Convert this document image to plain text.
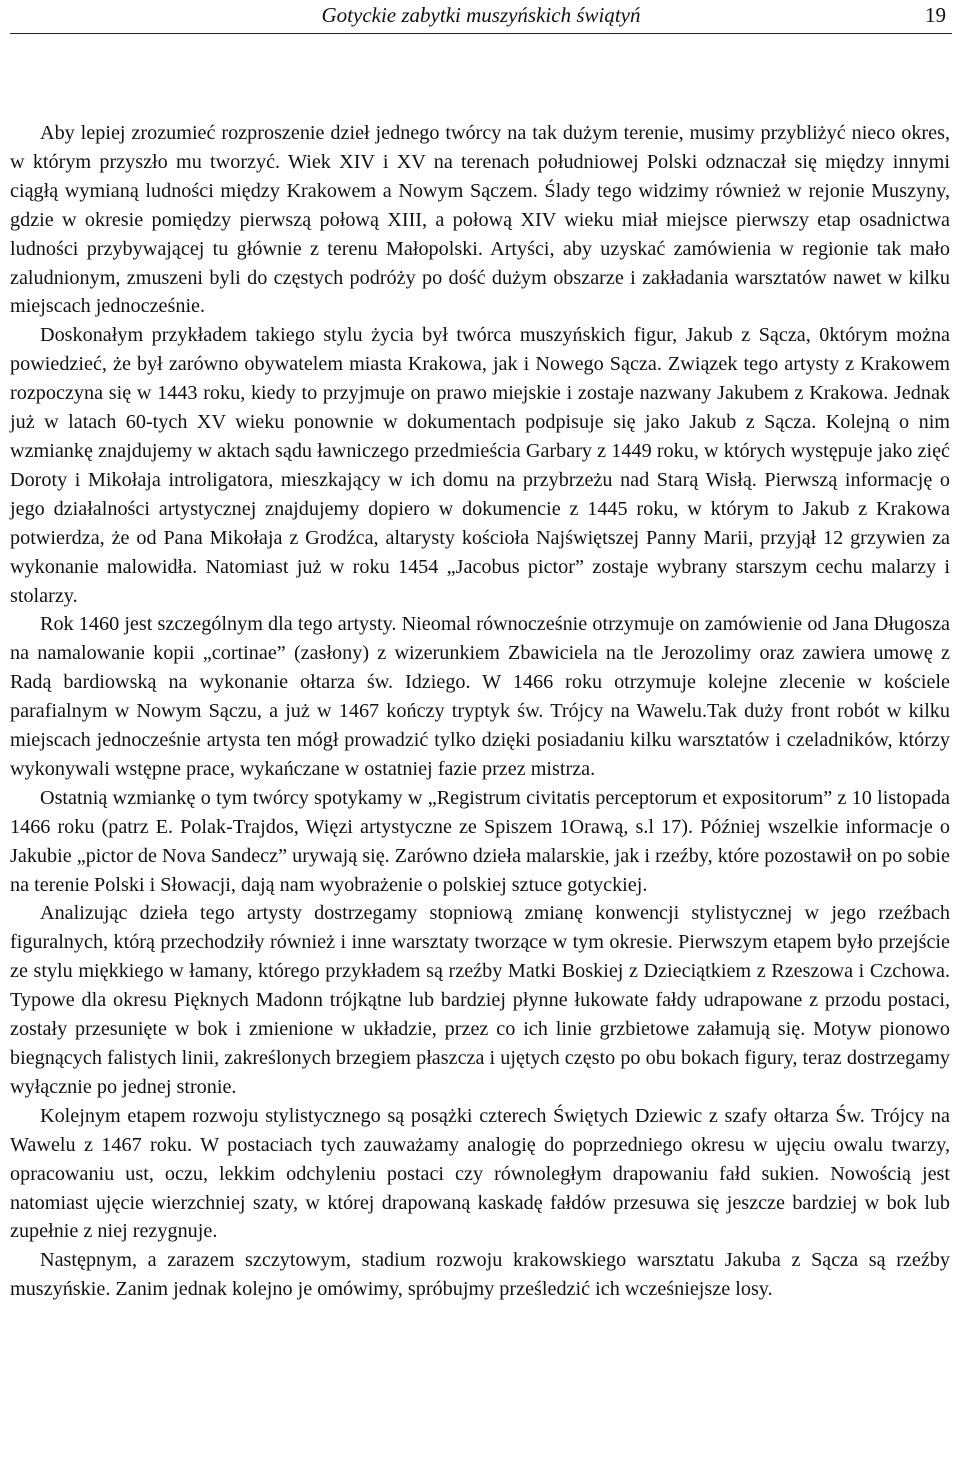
Gotyckie zabytki muszyńskich świątyń	19

Aby lepiej zrozumieć rozproszenie dzieł jednego twórcy na tak dużym terenie, musimy przybliżyć nieco okres, w którym przyszło mu tworzyć. Wiek XIV i XV na terenach południowej Polski odznaczał się między innymi ciągłą wymianą ludności między Krakowem a Nowym Sączem. Ślady tego widzimy również w rejonie Muszyny, gdzie w okresie pomiędzy pierwszą połową XIII, a połową XIV wieku miał miejsce pierwszy etap osadnictwa ludności przybywającej tu głównie z terenu Małopolski. Artyści, aby uzyskać zamówienia w regionie tak mało zaludnionym, zmuszeni byli do częstych podróży po dość dużym obszarze i zakładania warsztatów nawet w kilku miejscach jednocześnie.

Doskonałym przykładem takiego stylu życia był twórca muszyńskich figur, Jakub z Sącza, 0którym można powiedzieć, że był zarówno obywatelem miasta Krakowa, jak i Nowego Sącza. Związek tego artysty z Krakowem rozpoczyna się w 1443 roku, kiedy to przyjmuje on prawo miejskie i zostaje nazwany Jakubem z Krakowa. Jednak już w latach 60-tych XV wieku ponownie w dokumentach podpisuje się jako Jakub z Sącza. Kolejną o nim wzmiankę znajdujemy w aktach sądu ławniczego przedmieścia Garbary z 1449 roku, w których występuje jako zięć Doroty i Mikołaja introligatora, mieszkający w ich domu na przybrzeżu nad Starą Wisłą. Pierwszą informację o jego działalności artystycznej znajdujemy dopiero w dokumencie z 1445 roku, w którym to Jakub z Krakowa potwierdza, że od Pana Mikołaja z Grodźca, altarysty kościoła Najświętszej Panny Marii, przyjął 12 grzywien za wykonanie malowidła. Natomiast już w roku 1454 „Jacobus pictor” zostaje wybrany starszym cechu malarzy i stolarzy.

Rok 1460 jest szczególnym dla tego artysty. Nieomal równocześnie otrzymuje on zamówienie od Jana Długosza na namalowanie kopii „cortinae” (zasłony) z wizerunkiem Zbawiciela na tle Jerozolimy oraz zawiera umowę z Radą bardiowską na wykonanie ołtarza św. Idziego. W 1466 roku otrzymuje kolejne zlecenie w kościele parafialnym w Nowym Sączu, a już w 1467 kończy tryptyk św. Trójcy na Wawelu.Tak duży front robót w kilku miejscach jednocześnie artysta ten mógł prowadzić tylko dzięki posiadaniu kilku warsztatów i czeladników, którzy wykonywali wstępne prace, wykańczane w ostatniej fazie przez mistrza.

Ostatnią wzmiankę o tym twórcy spotykamy w „Registrum civitatis perceptorum et expositorum” z 10 listopada 1466 roku (patrz E. Polak-Trajdos, Więzi artystyczne ze Spiszem 1Orawą, s.l 17). Później wszelkie informacje o Jakubie „pictor de Nova Sandecz” urywają się. Zarówno dzieła malarskie, jak i rzeźby, które pozostawił on po sobie na terenie Polski i Słowacji, dają nam wyobrażenie o polskiej sztuce gotyckiej.

Analizując dzieła tego artysty dostrzegamy stopniową zmianę konwencji stylistycznej w jego rzeźbach figuralnych, którą przechodziły również i inne warsztaty tworzące w tym okresie. Pierwszym etapem było przejście ze stylu miękkiego w łamany, którego przykładem są rzeźby Matki Boskiej z Dzieciątkiem z Rzeszowa i Czchowa. Typowe dla okresu Pięknych Madonn trójkątne lub bardziej płynne łukowate fałdy udrapowane z przodu postaci, zostały przesunięte w bok i zmienione w układzie, przez co ich linie grzbietowe załamują się. Motyw pionowo biegnących falistych linii, zakreślonych brzegiem płaszcza i ujętych często po obu bokach figury, teraz dostrzegamy wyłącznie po jednej stronie.

Kolejnym etapem rozwoju stylistycznego są posążki czterech Świętych Dziewic z szafy ołtarza Św. Trójcy na Wawelu z 1467 roku. W postaciach tych zauważamy analogię do poprzedniego okresu w ujęciu owalu twarzy, opracowaniu ust, oczu, lekkim odchyleniu postaci czy równoległym drapowaniu fałd sukien. Nowością jest natomiast ujęcie wierzchniej szaty, w której drapowaną kaskadę fałdów przesuwa się jeszcze bardziej w bok lub zupełnie z niej rezygnuje.

Następnym, a zarazem szczytowym, stadium rozwoju krakowskiego warsztatu Jakuba z Sącza są rzeźby muszyńskie. Zanim jednak kolejno je omówimy, spróbujmy prześledzić ich wcześniejsze losy.
